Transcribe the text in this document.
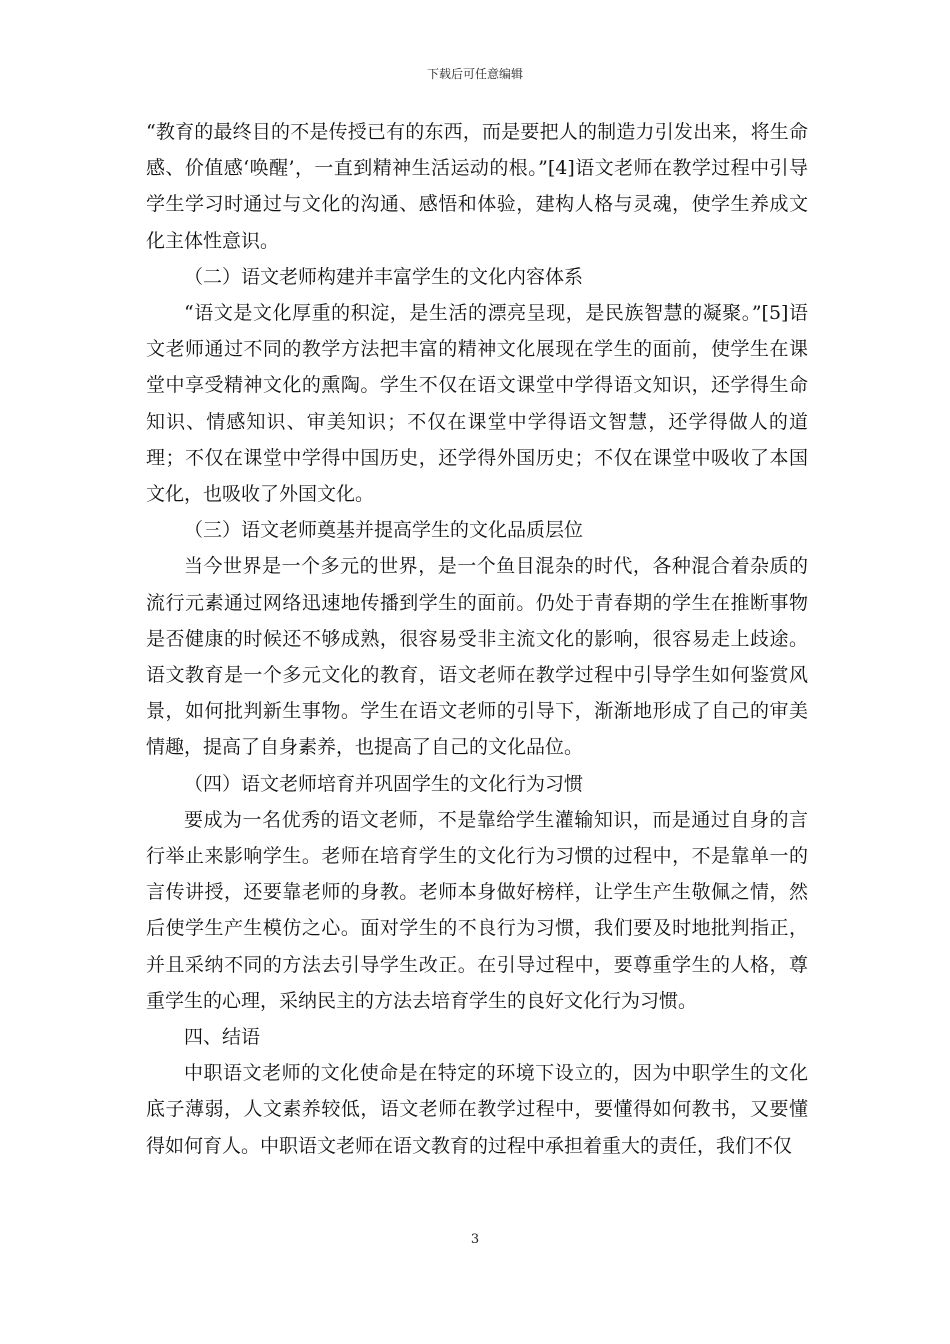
下载后可任意编辑

“教育的最终目的不是传授已有的东西，而是要把人的制造力引发出来，将生命感、价值感‘唤醒’，一直到精神生活运动的根。”[4]语文老师在教学过程中引导学生学习时通过与文化的沟通、感悟和体验，建构人格与灵魂，使学生养成文化主体性意识。

（二）语文老师构建并丰富学生的文化内容体系

“语文是文化厚重的积淀，是生活的漂亮呈现，是民族智慧的凝聚。”[5]语文老师通过不同的教学方法把丰富的精神文化展现在学生的面前，使学生在课堂中享受精神文化的熏陶。学生不仅在语文课堂中学得语文知识，还学得生命知识、情感知识、审美知识；不仅在课堂中学得语文智慧，还学得做人的道理；不仅在课堂中学得中国历史，还学得外国历史；不仅在课堂中吸收了本国文化，也吸收了外国文化。

（三）语文老师奠基并提高学生的文化品质层位

当今世界是一个多元的世界，是一个鱼目混杂的时代，各种混合着杂质的流行元素通过网络迅速地传播到学生的面前。仍处于青春期的学生在推断事物是否健康的时候还不够成熟，很容易受非主流文化的影响，很容易走上歧途。语文教育是一个多元文化的教育，语文老师在教学过程中引导学生如何鉴赏风景，如何批判新生事物。学生在语文老师的引导下，渐渐地形成了自己的审美情趣，提高了自身素养，也提高了自己的文化品位。

（四）语文老师培育并巩固学生的文化行为习惯

要成为一名优秀的语文老师，不是靠给学生灌输知识，而是通过自身的言行举止来影响学生。老师在培育学生的文化行为习惯的过程中，不是靠单一的言传讲授，还要靠老师的身教。老师本身做好榜样，让学生产生敬佩之情，然后使学生产生模仿之心。面对学生的不良行为习惯，我们要及时地批判指正，并且采纳不同的方法去引导学生改正。在引导过程中，要尊重学生的人格，尊重学生的心理，采纳民主的方法去培育学生的良好文化行为习惯。

四、结语

中职语文老师的文化使命是在特定的环境下设立的，因为中职学生的文化底子薄弱，人文素养较低，语文老师在教学过程中，要懂得如何教书，又要懂得如何育人。中职语文老师在语文教育的过程中承担着重大的责任，我们不仅

3
